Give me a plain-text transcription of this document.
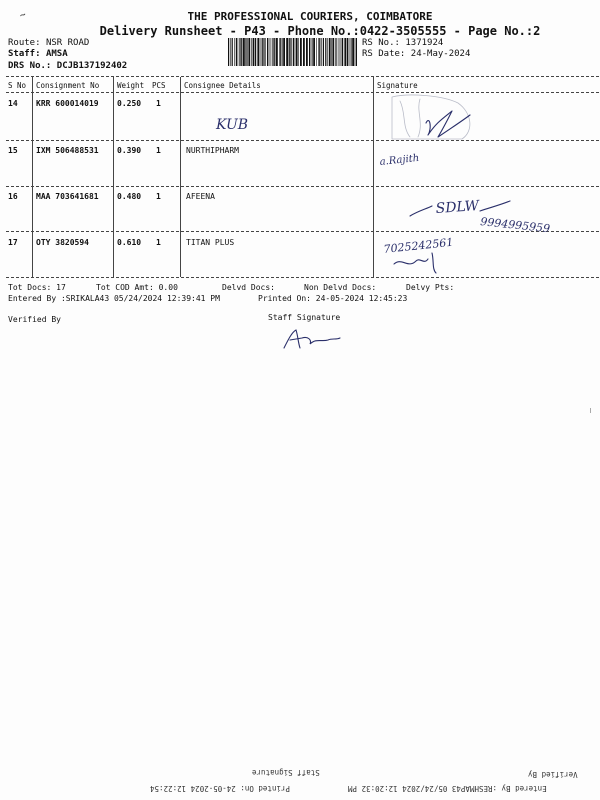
~	THE PROFESSIONAL COURIERS, COIMBATORE
Delivery Runsheet - P43 - Phone No.:0422-3505555 - Page No.:2
Route: NSR ROAD
Staff: AMSA
DRS No.: DCJB137192402
RS No.: 1371924
RS Date: 24-May-2024
S No Consignment No Weight PCS Consignee Details	Signature
14 KRR 600014019 0.250 1
15 IXM 506488531 0.390 1	NURTHIPHARM
16 MAA 703641681 0.480 1	AFEENA
17 OTY 3820594	0.610 1	TITAN PLUS
KUB
a.Rajith
SDLW
9994995959
7025242561
Tot Docs: 17	Tot COD Amt: 0.00	Delvd Docs:	Non Delvd Docs:	Delvy Pts:
Entered By :SRIKALA43 05/24/2024 12:39:41 PM	Printed On: 24-05-2024 12:45:23
Verified By	Staff Signature
Staff Signature	Verified By
Entered By :RESHMAP43 05/24/2024 12:20:32 PM
Printed On: 24-05-2024 12:22:54
